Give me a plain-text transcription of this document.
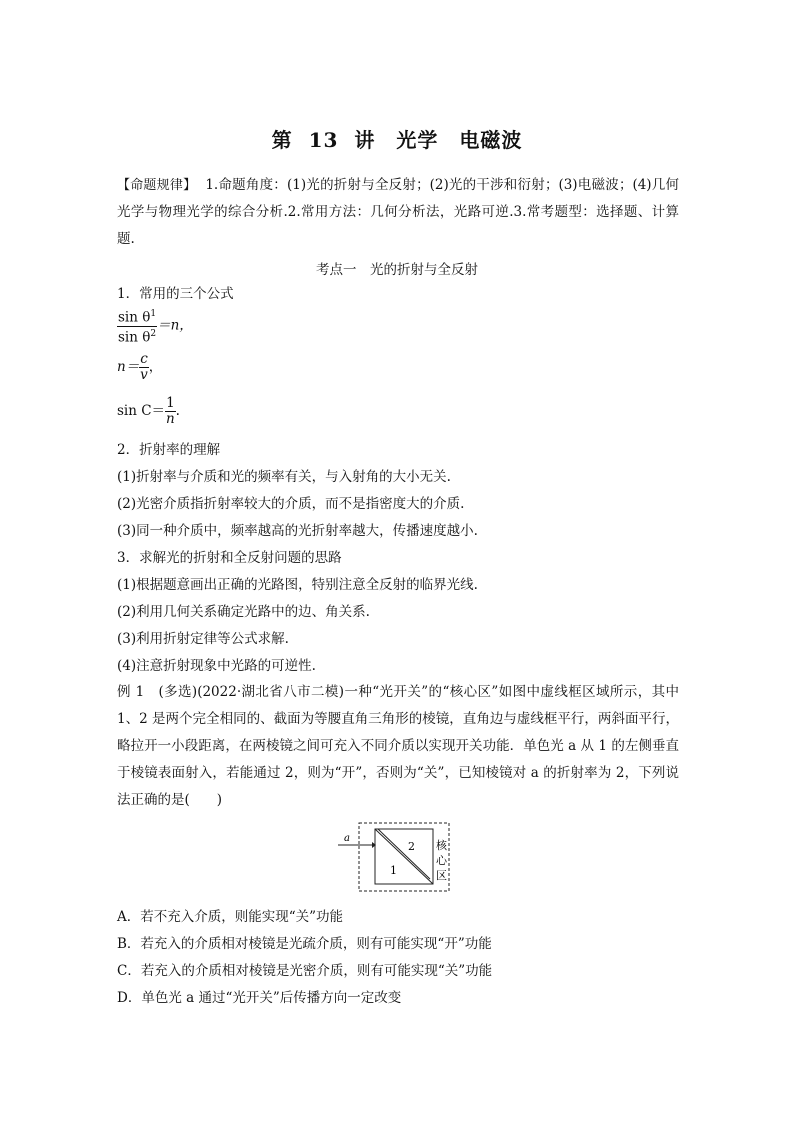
第 13 讲　光学　电磁波
【命题规律】 1.命题角度：(1)光的折射与全反射；(2)光的干涉和衍射；(3)电磁波；(4)几何光学与物理光学的综合分析.2.常用方法：几何分析法，光路可逆.3.常考题型：选择题、计算题.
考点一　光的折射与全反射
1．常用的三个公式
$\frac{\sin \theta^1}{\sin \theta^2} =n$，
$n= \frac{c}{v}$ ，
$\sin C= \frac{1}{n}$ .
2．折射率的理解
(1)折射率与介质和光的频率有关，与入射角的大小无关.
(2)光密介质指折射率较大的介质，而不是指密度大的介质.
(3)同一种介质中，频率越高的光折射率越大，传播速度越小.
3．求解光的折射和全反射问题的思路
(1)根据题意画出正确的光路图，特别注意全反射的临界光线.
(2)利用几何关系确定光路中的边、角关系.
(3)利用折射定律等公式求解.
(4)注意折射现象中光路的可逆性.
例 1　(多选)(2022·湖北省八市二模)一种“光开关”的“核心区”如图中虚线框区域所示，其中 1、2 是两个完全相同的、截面为等腰直角三角形的棱镜，直角边与虚线框平行，两斜面平行，略拉开一小段距离，在两棱镜之间可充入不同介质以实现开关功能．单色光 a 从 1 的左侧垂直于棱镜表面射入，若能通过 2，则为“开”，否则为“关”，已知棱镜对 a 的折射率为 2，下列说法正确的是(　　)
a
2
1
核
心
区
A．若不充入介质，则能实现“关”功能
B．若充入的介质相对棱镜是光疏介质，则有可能实现“开”功能
C．若充入的介质相对棱镜是光密介质，则有可能实现“关”功能
D．单色光 a 通过“光开关”后传播方向一定改变
